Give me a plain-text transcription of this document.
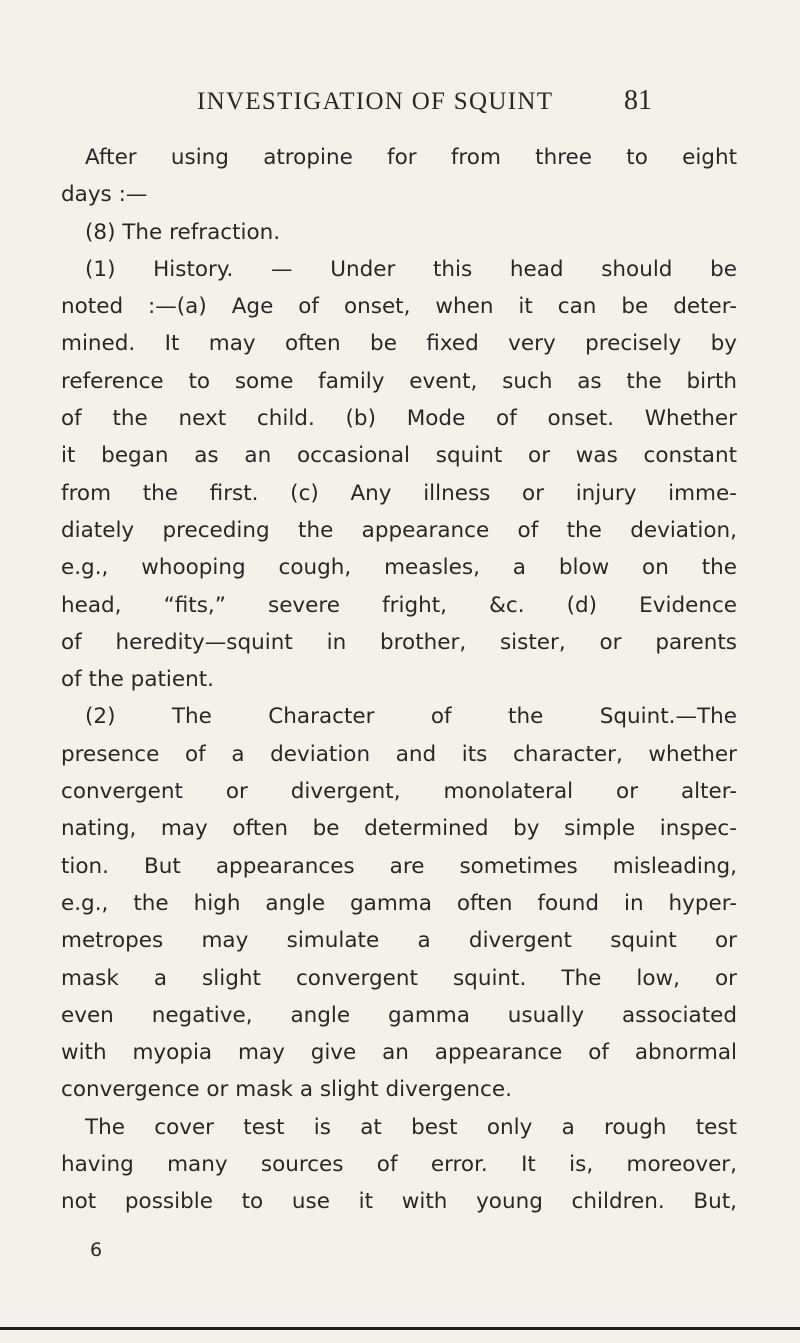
INVESTIGATION OF SQUINT	81
After using atropine for from three to eight
days :—
(8) The refraction.
(1) History. — Under this head should be
noted :—(a) Age of onset, when it can be deter-
mined. It may often be fixed very precisely by
reference to some family event, such as the birth
of the next child. (b) Mode of onset. Whether
it began as an occasional squint or was constant
from the first. (c) Any illness or injury imme-
diately preceding the appearance of the deviation,
e.g., whooping cough, measles, a blow on the
head, “fits,” severe fright, &c. (d) Evidence
of heredity—squint in brother, sister, or parents
of the patient.
(2) The Character of the Squint.—The
presence of a deviation and its character, whether
convergent or divergent, monolateral or alter-
nating, may often be determined by simple inspec-
tion. But appearances are sometimes misleading,
e.g., the high angle gamma often found in hyper-
metropes may simulate a divergent squint or
mask a slight convergent squint. The low, or
even negative, angle gamma usually associated
with myopia may give an appearance of abnormal
convergence or mask a slight divergence.
The cover test is at best only a rough test
having many sources of error. It is, moreover,
not possible to use it with young children. But,
6
